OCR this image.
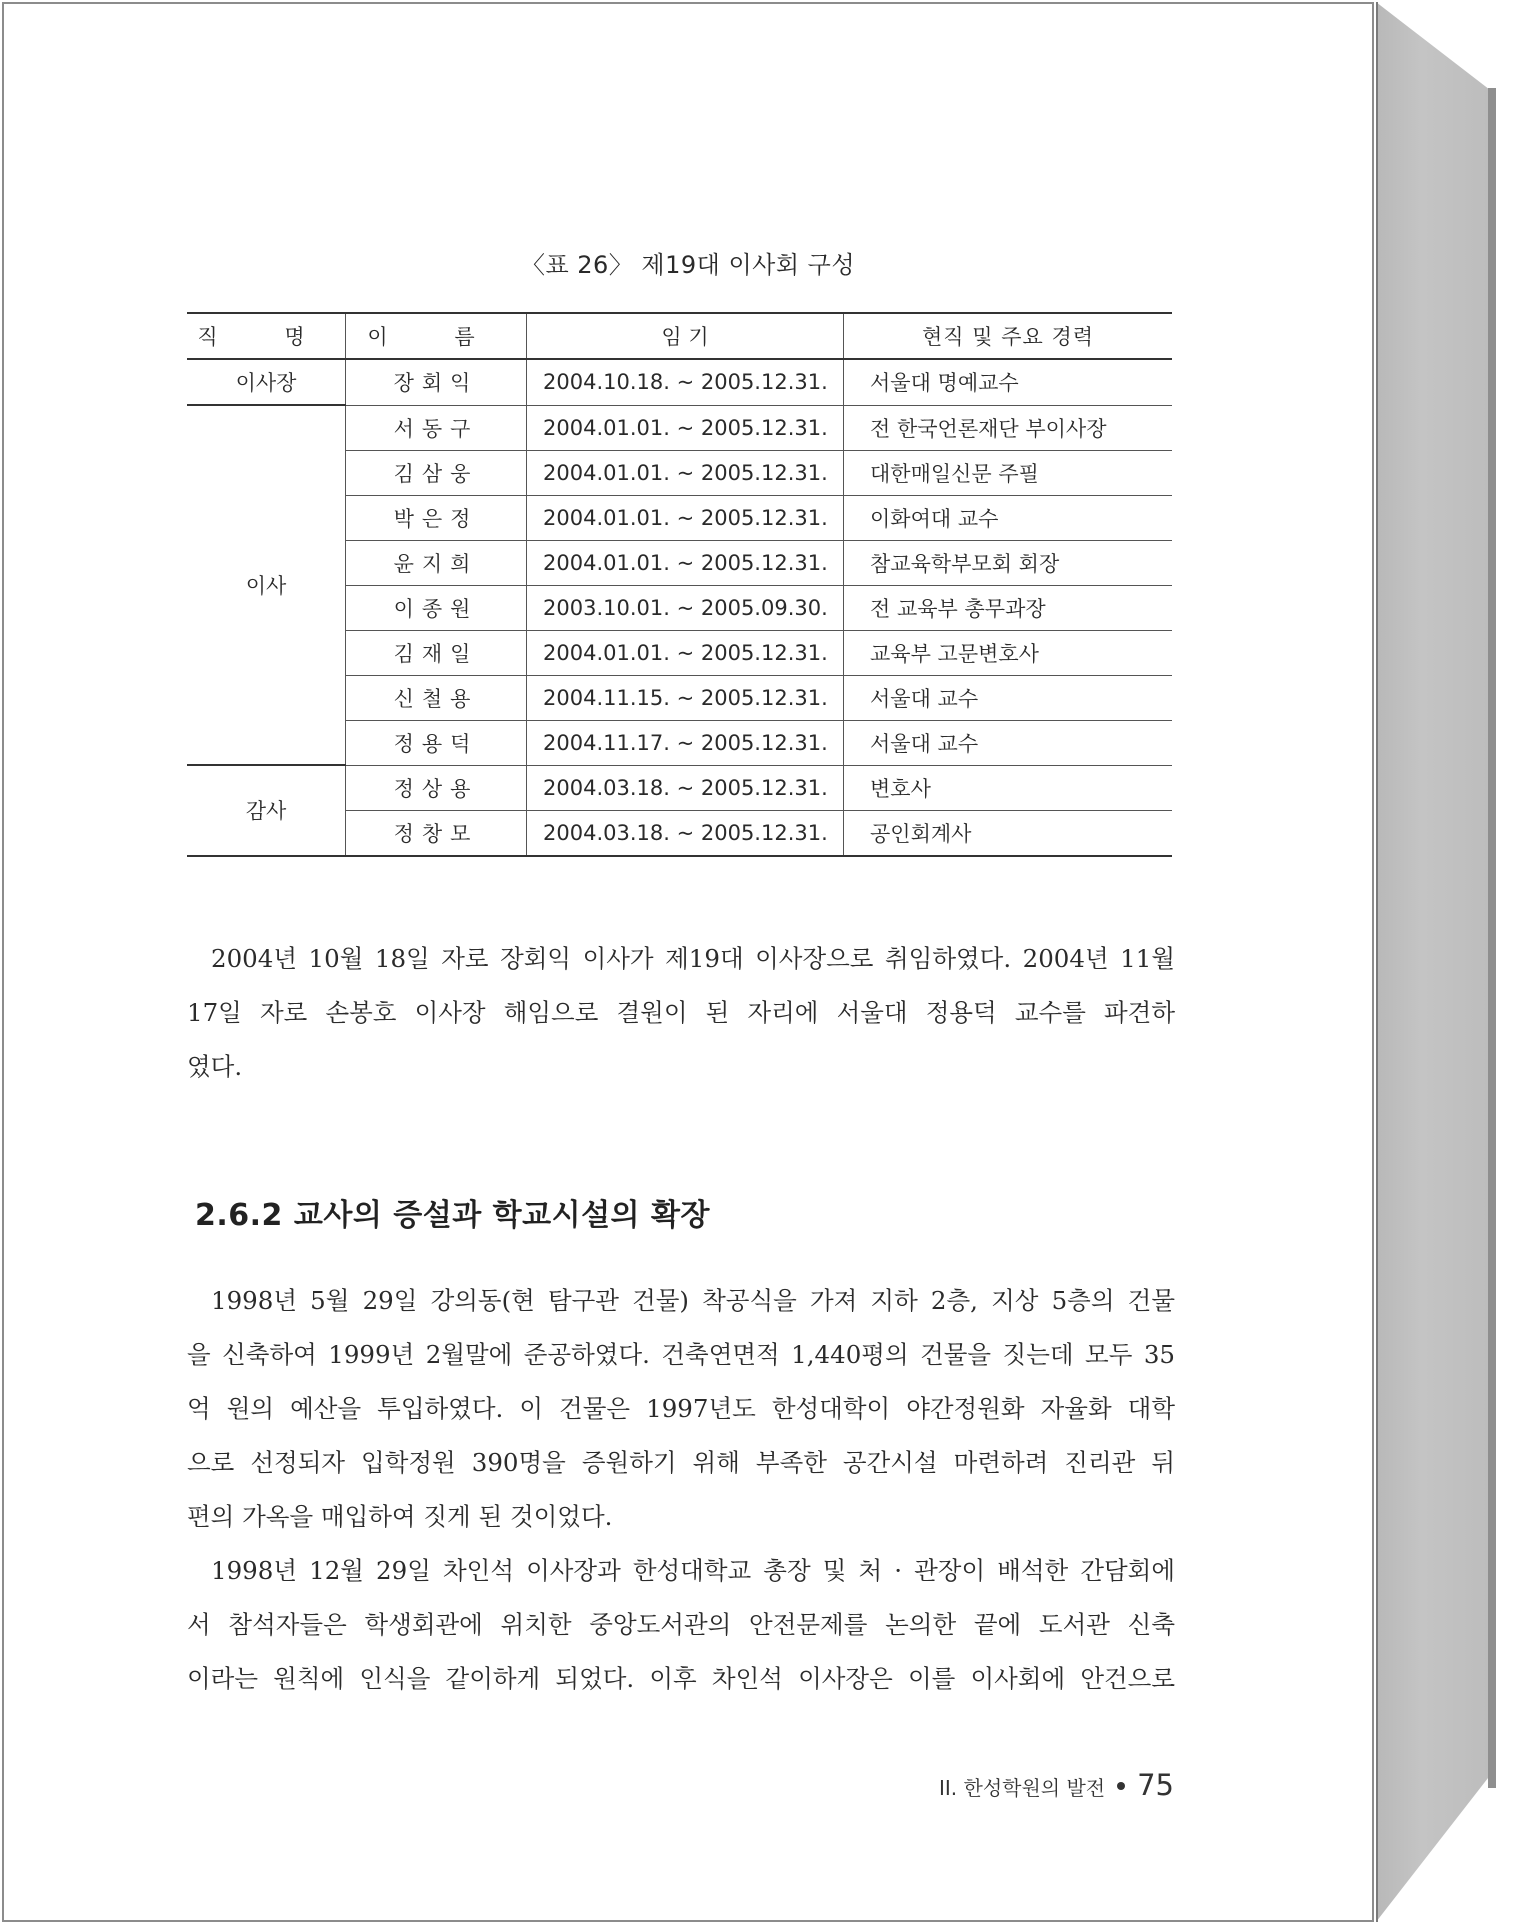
〈표 26〉 제19대 이사회 구성
직 명	이 름	임 기	현직 및 주요 경력
이사장	장회익	2004.10.18. ~ 2005.12.31.	서울대 명예교수
이사	서동구	2004.01.01. ~ 2005.12.31.	전 한국언론재단 부이사장
	김삼웅	2004.01.01. ~ 2005.12.31.	대한매일신문 주필
	박은정	2004.01.01. ~ 2005.12.31.	이화여대 교수
	윤지희	2004.01.01. ~ 2005.12.31.	참교육학부모회 회장
	이종원	2003.10.01. ~ 2005.09.30.	전 교육부 총무과장
	김재일	2004.01.01. ~ 2005.12.31.	교육부 고문변호사
	신철용	2004.11.15. ~ 2005.12.31.	서울대 교수
	정용덕	2004.11.17. ~ 2005.12.31.	서울대 교수
감사	정상용	2004.03.18. ~ 2005.12.31.	변호사
	정창모	2004.03.18. ~ 2005.12.31.	공인회계사
2004년 10월 18일 자로 장회익 이사가 제19대 이사장으로 취임하였다. 2004년 11월
17일 자로 손봉호 이사장 해임으로 결원이 된 자리에 서울대 정용덕 교수를 파견하
였다.
2.6.2 교사의 증설과 학교시설의 확장
1998년 5월 29일 강의동(현 탐구관 건물) 착공식을 가져 지하 2층, 지상 5층의 건물
을 신축하여 1999년 2월말에 준공하였다. 건축연면적 1,440평의 건물을 짓는데 모두 35
억 원의 예산을 투입하였다. 이 건물은 1997년도 한성대학이 야간정원화 자율화 대학
으로 선정되자 입학정원 390명을 증원하기 위해 부족한 공간시설 마련하려 진리관 뒤
편의 가옥을 매입하여 짓게 된 것이었다.
1998년 12월 29일 차인석 이사장과 한성대학교 총장 및 처 · 관장이 배석한 간담회에
서 참석자들은 학생회관에 위치한 중앙도서관의 안전문제를 논의한 끝에 도서관 신축
이라는 원칙에 인식을 같이하게 되었다. 이후 차인석 이사장은 이를 이사회에 안건으로
II. 한성학원의 발전 75
